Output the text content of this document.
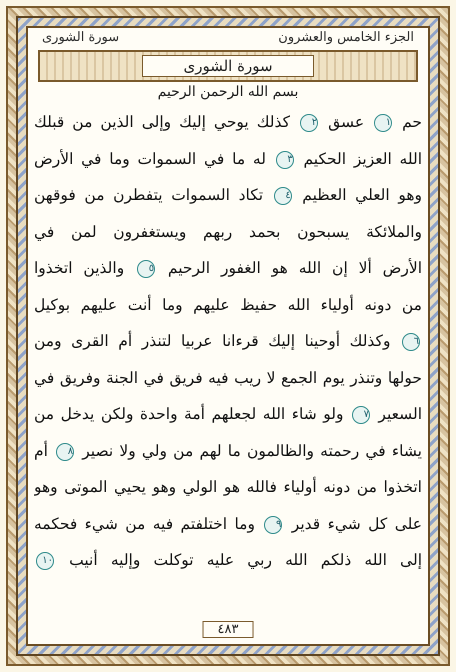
الجزء الخامس والعشرون
سورة الشورى
سورة الشورى
بسم الله الرحمن الرحيم
حم ١ عسق ٢ كذلك يوحي إليك وإلى الذين من قبلك
الله العزيز الحكيم ٣ له ما في السموات وما في الأرض
وهو العلي العظيم ٤ تكاد السموات يتفطرن من فوقهن
والملائكة يسبحون بحمد ربهم ويستغفرون لمن في
الأرض ألا إن الله هو الغفور الرحيم ٥ والذين اتخذوا
من دونه أولياء الله حفيظ عليهم وما أنت عليهم بوكيل
٦ وكذلك أوحينا إليك قرءانا عربيا لتنذر أم القرى ومن
حولها وتنذر يوم الجمع لا ريب فيه فريق في الجنة وفريق في
السعير ٧ ولو شاء الله لجعلهم أمة واحدة ولكن يدخل من
يشاء في رحمته والظالمون ما لهم من ولي ولا نصير ٨ أم
اتخذوا من دونه أولياء فالله هو الولي وهو يحيي الموتى وهو
على كل شيء قدير ٩ وما اختلفتم فيه من شيء فحكمه
إلى الله ذلكم الله ربي عليه توكلت وإليه أنيب ١٠
٤٨٣
